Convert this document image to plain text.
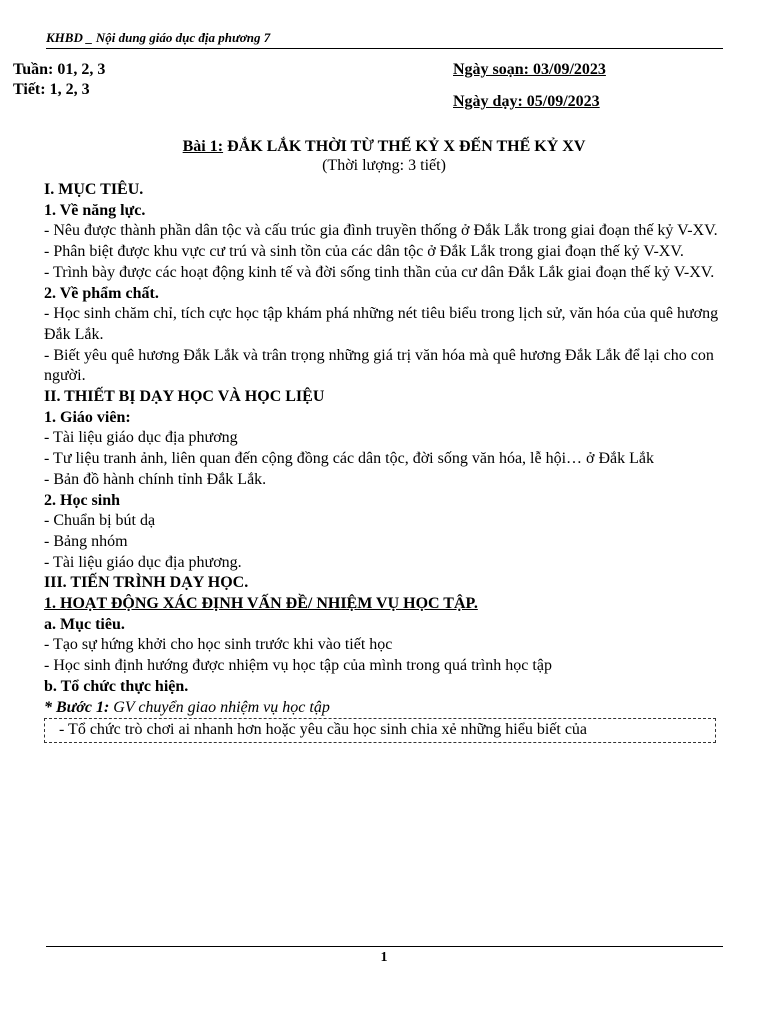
KHBD _ Nội dung giáo dục địa phương 7
Tuần: 01, 2, 3
Tiết: 1, 2, 3
Ngày soạn: 03/09/2023
Ngày dạy: 05/09/2023
Bài 1: ĐẮK LẮK THỜI TỪ THẾ KỶ X ĐẾN THẾ KỶ XV
(Thời lượng: 3 tiết)

I. MỤC TIÊU.

1. Về năng lực.

- Nêu được thành phần dân tộc và cấu trúc gia đình truyền thống ở Đắk Lắk trong giai đoạn thế kỷ V-XV.

- Phân biệt được khu vực cư trú và sinh tồn của các dân tộc ở Đắk Lắk trong giai đoạn thế kỷ V-XV.

- Trình bày được các hoạt động kinh tế và đời sống tinh thần của cư dân Đắk Lắk giai đoạn thế kỷ V-XV.

2. Về phẩm chất.

- Học sinh chăm chỉ, tích cực học tập khám phá những nét tiêu biểu trong lịch sử, văn hóa của quê hương Đắk Lắk.

- Biết yêu quê hương Đắk Lắk và trân trọng những giá trị văn hóa mà quê hương Đắk Lắk để lại cho con người.

II. THIẾT BỊ DẠY HỌC VÀ HỌC LIỆU

1. Giáo viên:

- Tài liệu giáo dục địa phương

- Tư liệu tranh ảnh, liên quan đến cộng đồng các dân tộc, đời sống văn hóa, lễ hội… ở Đắk Lắk

- Bản đồ hành chính tỉnh Đắk Lắk.

2. Học sinh

- Chuẩn bị bút dạ

- Bảng nhóm

- Tài liệu giáo dục địa phương.

III. TIẾN TRÌNH DẠY HỌC.

1. HOẠT ĐỘNG XÁC ĐỊNH VẤN ĐỀ/ NHIỆM VỤ HỌC TẬP.

a. Mục tiêu.

- Tạo sự hứng khởi cho học sinh trước khi vào tiết học

- Học sinh định hướng được nhiệm vụ học tập của mình trong quá trình học tập

b. Tổ chức thực hiện.

* Bước 1: GV chuyển giao nhiệm vụ học tập

- Tổ chức trò chơi ai nhanh hơn hoặc yêu cầu học sinh chia xẻ những hiểu biết của

1
